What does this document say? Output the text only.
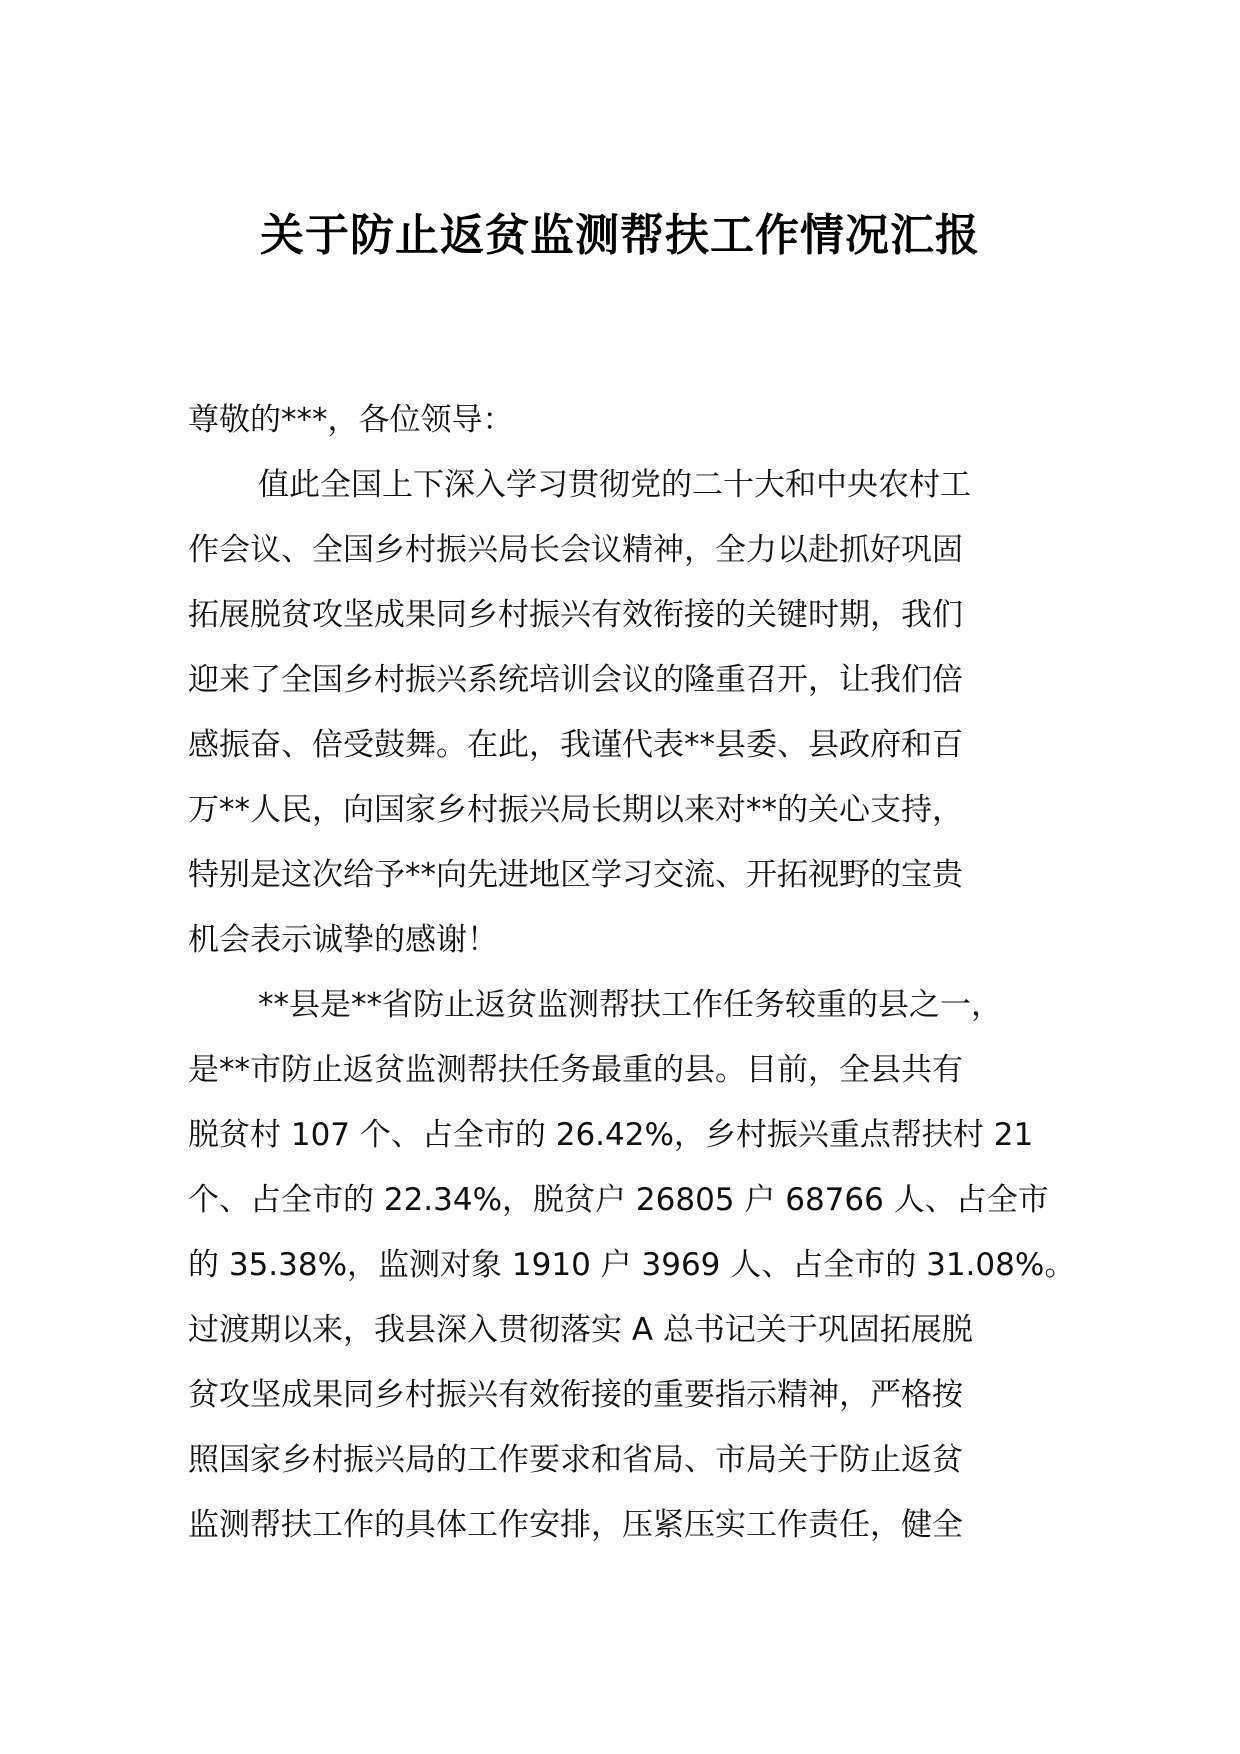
关于防止返贫监测帮扶工作情况汇报
尊敬的***，各位领导：
值此全国上下深入学习贯彻党的二十大和中央农村工
作会议、全国乡村振兴局长会议精神，全力以赴抓好巩固
拓展脱贫攻坚成果同乡村振兴有效衔接的关键时期，我们
迎来了全国乡村振兴系统培训会议的隆重召开，让我们倍
感振奋、倍受鼓舞。在此，我谨代表**县委、县政府和百
万**人民，向国家乡村振兴局长期以来对**的关心支持，
特别是这次给予**向先进地区学习交流、开拓视野的宝贵
机会表示诚挚的感谢！
**县是**省防止返贫监测帮扶工作任务较重的县之一，
是**市防止返贫监测帮扶任务最重的县。目前，全县共有
脱贫村 107 个、占全市的 26.42%，乡村振兴重点帮扶村 21
个、占全市的 22.34%，脱贫户 26805 户 68766 人、占全市
的 35.38%，监测对象 1910 户 3969 人、占全市的 31.08%。
过渡期以来，我县深入贯彻落实 A 总书记关于巩固拓展脱
贫攻坚成果同乡村振兴有效衔接的重要指示精神，严格按
照国家乡村振兴局的工作要求和省局、市局关于防止返贫
监测帮扶工作的具体工作安排，压紧压实工作责任，健全
